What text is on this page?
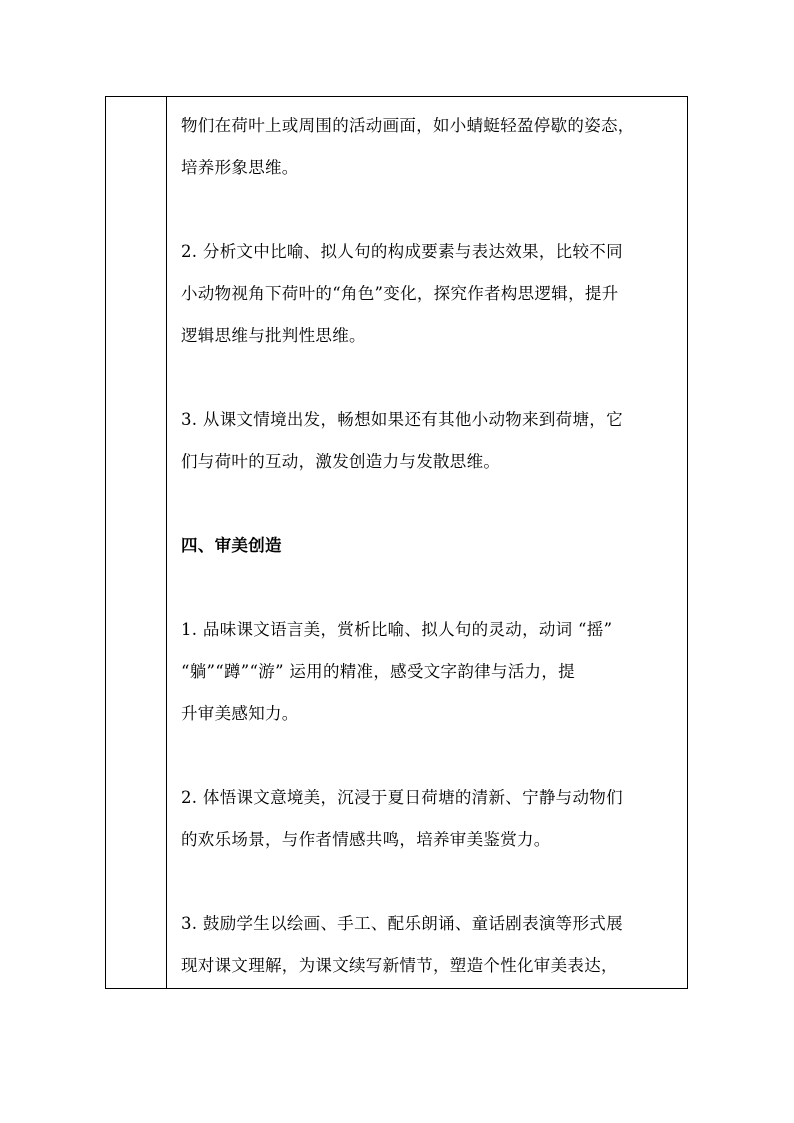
物们在荷叶上或周围的活动画面，如小蜻蜓轻盈停歇的姿态，
培养形象思维。
2. 分析文中比喻、拟人句的构成要素与表达效果，比较不同
小动物视角下荷叶的“角色”变化，探究作者构思逻辑，提升
逻辑思维与批判性思维。
3. 从课文情境出发，畅想如果还有其他小动物来到荷塘，它
们与荷叶的互动，激发创造力与发散思维。
四、审美创造
1. 品味课文语言美，赏析比喻、拟人句的灵动，动词 “摇”
“躺”“蹲”“游” 运用的精准，感受文字韵律与活力，提
升审美感知力。
2. 体悟课文意境美，沉浸于夏日荷塘的清新、宁静与动物们
的欢乐场景，与作者情感共鸣，培养审美鉴赏力。
3. 鼓励学生以绘画、手工、配乐朗诵、童话剧表演等形式展
现对课文理解，为课文续写新情节，塑造个性化审美表达，
